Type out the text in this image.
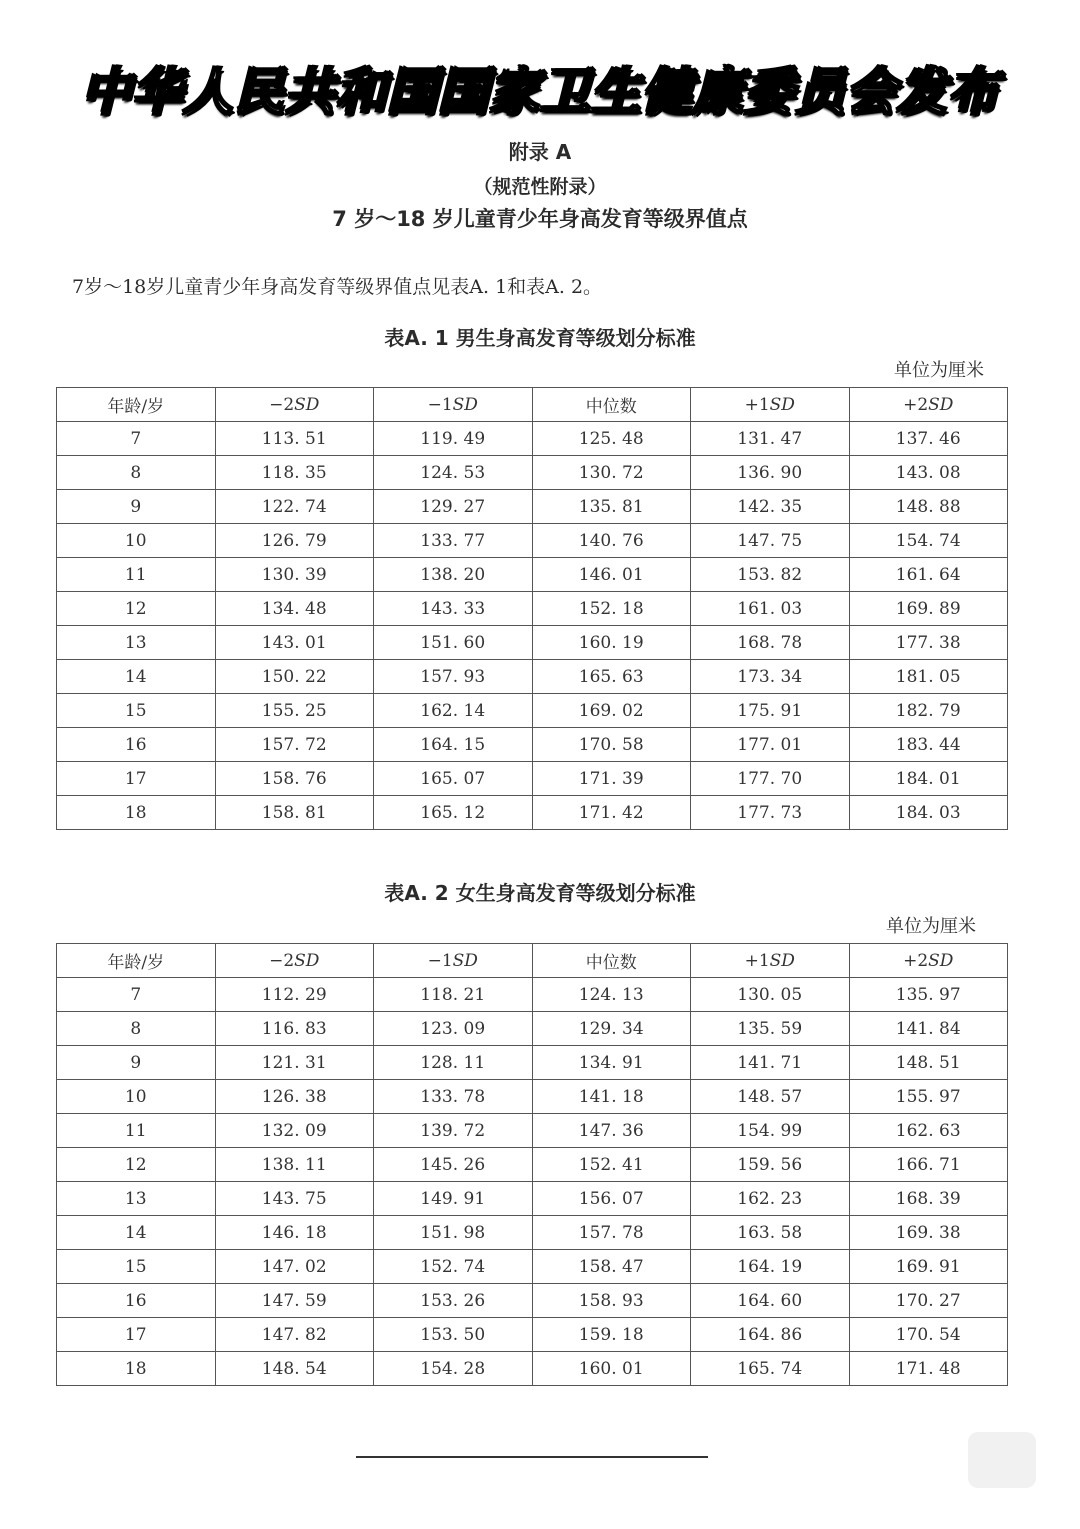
中华人民共和国国家卫生健康委员会发布
附录 A
（规范性附录）
7 岁～18 岁儿童青少年身高发育等级界值点
7岁～18岁儿童青少年身高发育等级界值点见表A. 1和表A. 2。
表A. 1 男生身高发育等级划分标准
单位为厘米
年龄/岁	−2SD	−1SD	中位数	+1SD	+2SD
7	113. 51	119. 49	125. 48	131. 47	137. 46
8	118. 35	124. 53	130. 72	136. 90	143. 08
9	122. 74	129. 27	135. 81	142. 35	148. 88
10	126. 79	133. 77	140. 76	147. 75	154. 74
11	130. 39	138. 20	146. 01	153. 82	161. 64
12	134. 48	143. 33	152. 18	161. 03	169. 89
13	143. 01	151. 60	160. 19	168. 78	177. 38
14	150. 22	157. 93	165. 63	173. 34	181. 05
15	155. 25	162. 14	169. 02	175. 91	182. 79
16	157. 72	164. 15	170. 58	177. 01	183. 44
17	158. 76	165. 07	171. 39	177. 70	184. 01
18	158. 81	165. 12	171. 42	177. 73	184. 03
表A. 2 女生身高发育等级划分标准
单位为厘米
年龄/岁	−2SD	−1SD	中位数	+1SD	+2SD
7	112. 29	118. 21	124. 13	130. 05	135. 97
8	116. 83	123. 09	129. 34	135. 59	141. 84
9	121. 31	128. 11	134. 91	141. 71	148. 51
10	126. 38	133. 78	141. 18	148. 57	155. 97
11	132. 09	139. 72	147. 36	154. 99	162. 63
12	138. 11	145. 26	152. 41	159. 56	166. 71
13	143. 75	149. 91	156. 07	162. 23	168. 39
14	146. 18	151. 98	157. 78	163. 58	169. 38
15	147. 02	152. 74	158. 47	164. 19	169. 91
16	147. 59	153. 26	158. 93	164. 60	170. 27
17	147. 82	153. 50	159. 18	164. 86	170. 54
18	148. 54	154. 28	160. 01	165. 74	171. 48
